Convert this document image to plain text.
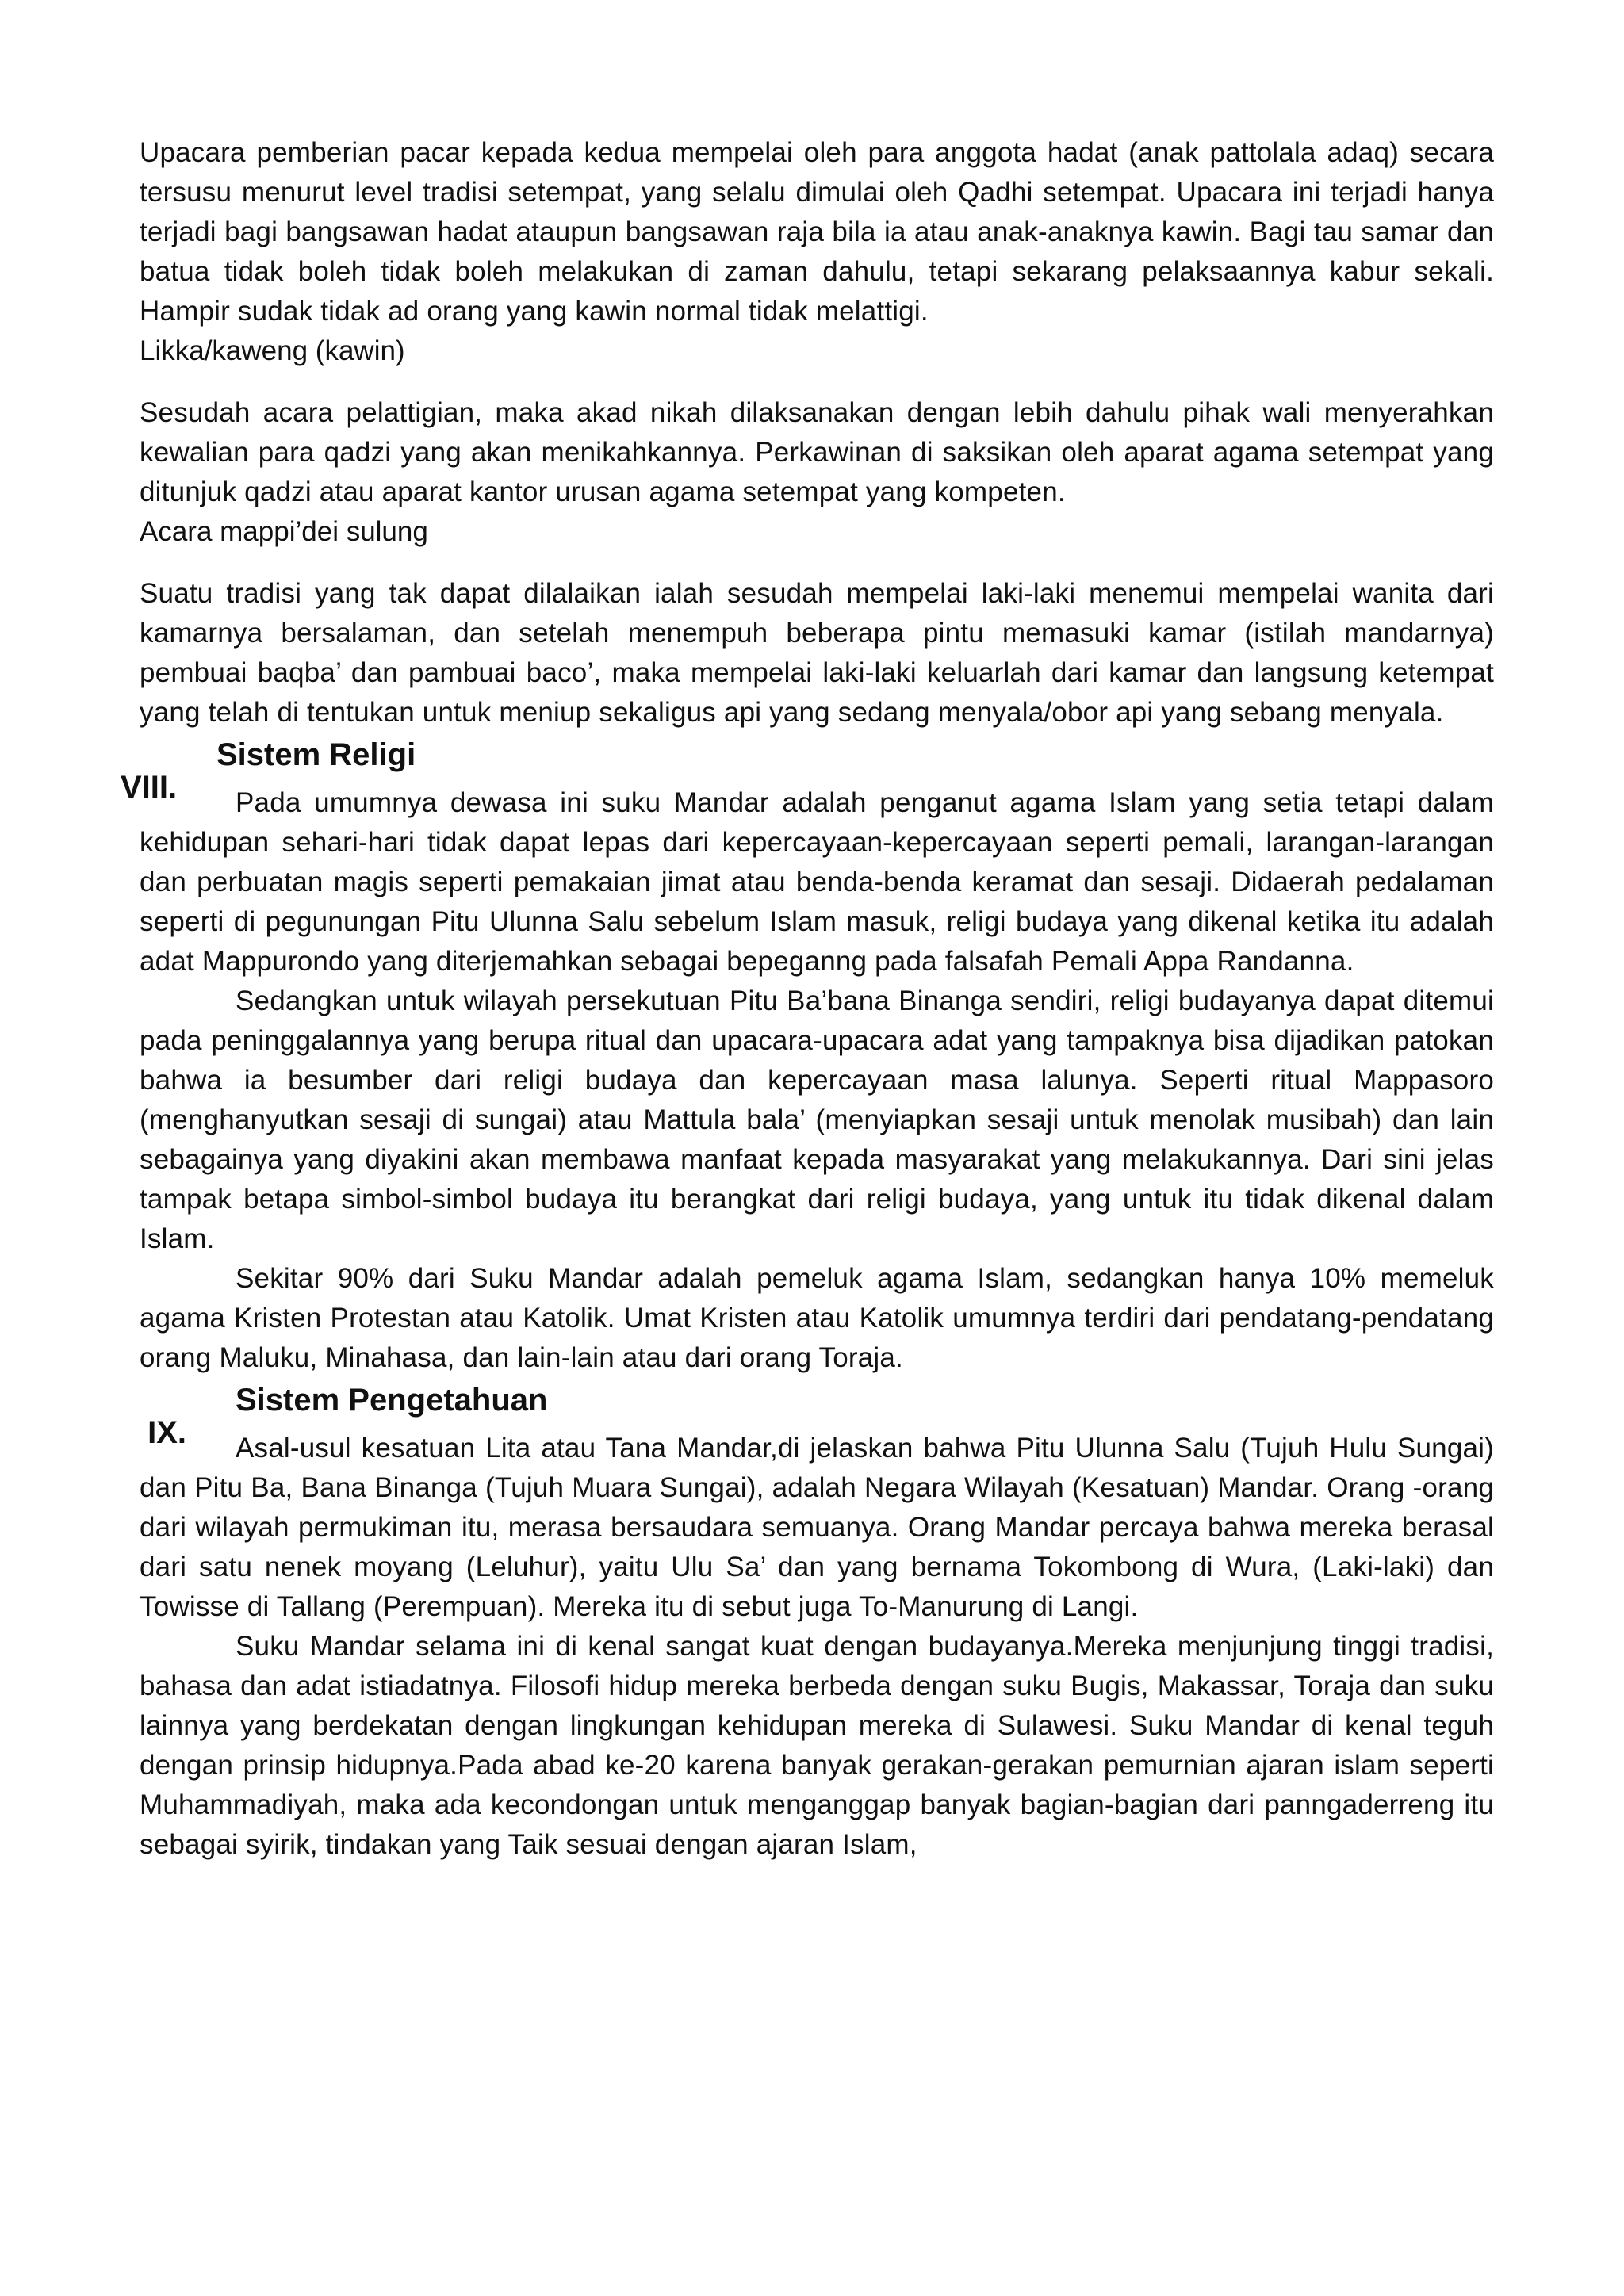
Upacara pemberian pacar kepada kedua mempelai oleh para anggota hadat (anak pattolala adaq) secara tersusu menurut level tradisi setempat, yang selalu dimulai oleh Qadhi setempat. Upacara ini terjadi hanya terjadi bagi bangsawan hadat ataupun bangsawan raja bila ia atau anak-anaknya kawin. Bagi tau samar dan batua tidak boleh tidak boleh melakukan di zaman dahulu, tetapi sekarang pelaksaannya kabur sekali. Hampir sudak tidak ad orang yang kawin normal tidak melattigi.

Likka/kaweng (kawin)

Sesudah acara pelattigian, maka akad nikah dilaksanakan dengan lebih dahulu pihak wali menyerahkan kewalian para qadzi yang akan menikahkannya. Perkawinan di saksikan oleh aparat agama setempat yang ditunjuk qadzi atau aparat kantor urusan agama setempat yang kompeten.

Acara mappi’dei sulung

Suatu tradisi yang tak dapat dilalaikan ialah sesudah mempelai laki-laki menemui mempelai wanita dari kamarnya bersalaman, dan setelah menempuh beberapa pintu memasuki kamar (istilah mandarnya) pembuai baqba’ dan pambuai baco’, maka mempelai laki-laki keluarlah dari kamar dan langsung ketempat yang telah di tentukan untuk meniup sekaligus api yang sedang menyala/obor api yang sebang menyala.

VIII.
Sistem Religi

Pada umumnya dewasa ini suku Mandar adalah penganut agama Islam yang setia tetapi dalam kehidupan sehari-hari tidak dapat lepas dari kepercayaan-kepercayaan seperti pemali, larangan-larangan dan perbuatan magis seperti pemakaian jimat atau benda-benda keramat dan sesaji. Didaerah pedalaman seperti di pegunungan Pitu Ulunna Salu sebelum Islam masuk, religi budaya yang dikenal ketika itu adalah adat Mappurondo yang diterjemahkan sebagai bepeganng pada falsafah Pemali Appa Randanna.

Sedangkan untuk wilayah persekutuan Pitu Ba’bana Binanga sendiri, religi budayanya dapat ditemui pada peninggalannya yang berupa ritual dan upacara-upacara adat yang tampaknya bisa dijadikan patokan bahwa ia besumber dari religi budaya dan kepercayaan masa lalunya. Seperti ritual Mappasoro (menghanyutkan sesaji di sungai) atau Mattula bala’ (menyiapkan sesaji untuk menolak musibah) dan lain sebagainya yang diyakini akan membawa manfaat kepada masyarakat yang melakukannya. Dari sini jelas tampak betapa simbol-simbol budaya itu berangkat dari religi budaya, yang untuk itu tidak dikenal dalam Islam.

Sekitar 90% dari Suku Mandar adalah pemeluk agama Islam, sedangkan hanya 10% memeluk agama Kristen Protestan atau Katolik. Umat Kristen atau Katolik umumnya terdiri dari pendatang-pendatang orang Maluku, Minahasa, dan lain-lain atau dari orang Toraja.

IX.
Sistem Pengetahuan

Asal-usul kesatuan Lita atau Tana Mandar,di jelaskan bahwa Pitu Ulunna Salu (Tujuh Hulu Sungai) dan Pitu Ba, Bana Binanga (Tujuh Muara Sungai), adalah Negara Wilayah (Kesatuan) Mandar. Orang -orang dari wilayah permukiman itu, merasa bersaudara semuanya. Orang Mandar percaya bahwa mereka berasal dari satu nenek moyang (Leluhur), yaitu Ulu Sa’ dan yang bernama Tokombong di Wura, (Laki-laki) dan Towisse di Tallang (Perempuan). Mereka itu di sebut juga To-Manurung di Langi.

Suku Mandar selama ini di kenal sangat kuat dengan budayanya.Mereka menjunjung tinggi tradisi, bahasa dan adat istiadatnya. Filosofi hidup mereka berbeda dengan suku Bugis, Makassar, Toraja dan suku lainnya yang berdekatan dengan lingkungan kehidupan mereka di Sulawesi. Suku Mandar di kenal teguh dengan prinsip hidupnya.Pada abad ke-20 karena banyak gerakan-gerakan pemurnian ajaran islam seperti Muhammadiyah, maka ada kecondongan untuk menganggap banyak bagian-bagian dari panngaderreng itu sebagai syirik, tindakan yang Taik sesuai dengan ajaran Islam,
